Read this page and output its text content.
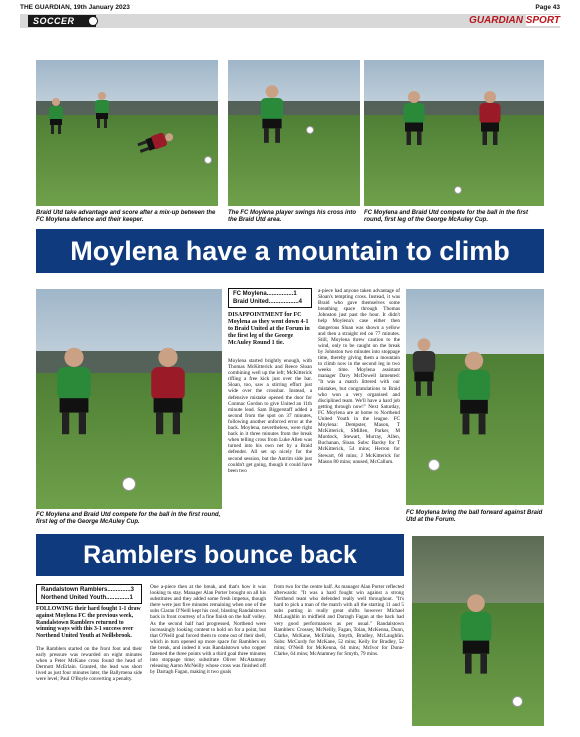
THE GUARDIAN, 19th January 2023	Page 43
SOCCER	GUARDIAN SPORT
Braid Utd take advantage and score after a mix-up between the FC Moylena defence and their keeper.
The FC Moylena player swings his cross into the Braid Utd area.
FC Moylena and Braid Utd compete for the ball in the first round, first leg of the George McAuley Cup.
Moylena have a mountain to climb
FC Moylena and Braid Utd compete for the ball in the first round, first leg of the George McAuley Cup.
FC Moylena................1
Braid United..................4
DISAPPOINTMENT for FC Moylena as they went down 4-1 to Braid United at the Forum in the first leg of the George McAuley Round 1 tie.
Moylena started brightly enough, with Thomas McKitterick and Reece Sloan combining well up the left; McKitterick rifling a free kick just over the bar. Sloan, too, saw a stirring effort just wide over the crossbar. Instead, a defensive mistake opened the door for Conmac Gordon to give United an 11th minute lead. Sam Biggerstaff added a second from the spot on 37 minutes, following another unforced error at the back. Moylena, nevertheless, were right back in it three minutes from the break when telling cross from Luke Allen was turned into his own net by a Braid defender. All set up nicely for the second session, but the Antrim side just couldn't get going, though it could have been two
a-piece had anyone taken advantage of Sloan's tempting cross. Instead, it was Braid who gave themselves some breathing space through Thomas Johnston just past the hour. It didn't help Moylena's case either then dangerous Sloan was shown a yellow and then a straight red on 77 minutes. Still, Moylena threw caution to the wind, only to be caught on the break by Johnston two minutes into stoppage time, thereby giving them a mountain to climb now in the second leg in two weeks time. Moylena assistant manager Davy McDowell lamented: "It was a match littered with our mistakes, but congratulations to Braid who won a very organised and disciplined team. We'll have a hard job getting through now!" Next Saturday, FC Moylena are at home to Northend United Youth in the league. FC Moylena: Dempster, Mason, T McKitterick, SMillen, Parker, M Murdock, Stewart, Murray, Allen, Buchanan, Sloan. Subs: Bardsy for T McKitterick, 54 mins; Herron for Stewart, 60 mins; J McKitterick for Mason 80 mins; unused, McCallum.
FC Moylena bring the ball forward against Braid Utd at the Forum.
Ramblers bounce back
Randalstown Ramblers..............3
Northend United Youth..............1
FOLLOWING their hard fought 1-1 draw against Moylena FC the previous week, Randalstown Ramblers returned to winning ways with this 3-1 success over Northend United Youth at Neillsbrook.
The Ramblers started on the front foot and their early pressure was rewarded on eight minutes when a Peter McKane cross found the head of Dermott McErlain. Granted, the lead was short lived as just four minutes later, the Ballymena side were level; Paul O'Boyle converting a penalty.
One a-piece then at the break, and that's how it was looking to stay. Manager Alan Porter brought on all his substitutes and they added some fresh impetus, though there were just five minutes remaining when one of the subs Ciaran O'Neill kept his cool, blasting Randalstown back in front courtesy of a fine finish on the half volley. As the second half had progressed, Northend were increasingly looking content to hold on for a point, but that O'Neill goal forced them to come out of their shell, which in turn opened up more space for Ramblers on the break, and indeed it was Randalstown who copper fastened the three points with a third goal three minutes into stoppage time; substitute Oliver McAtamney releasing Aaron McNeilly whose cross was finished off by Darragh Fagan, making it two goals
from two for the centre half. As manager Alan Porter reflected afterwards: "It was a hard fought win against a strong Northend team who defended really well throughout. "It's hard to pick a man of the match with all the starting 11 and 5 subs putting in really great shifts however Michael McLaughlin in midfield and Darragh Fagan at the back had very good performances as per usual." Randalstown Ramblers: Crossey, McNeilly, Fagan, Tolan, McKenna, Dunn, Clarke, McKane, McErlain, Smyth, Bradley, McLaughlin. Subs: McCurdy for McKane, 52 mins; Kelly for Bradley, 52 mins; O'Neill for McKenna, 64 mins; McIvor for Dunn-Clarke, 64 mins; McAtamney for Smyth, 79 mins.
